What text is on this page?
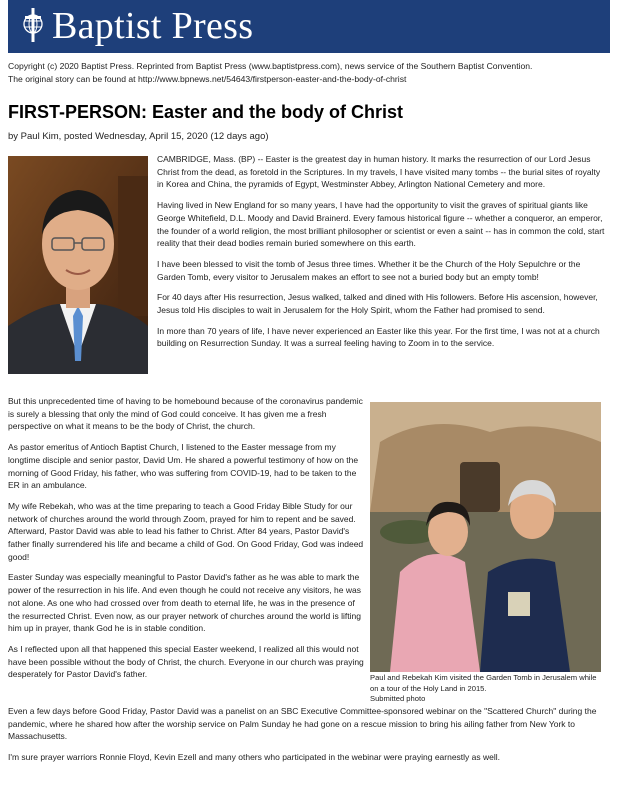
Baptist Press
Copyright (c) 2020 Baptist Press. Reprinted from Baptist Press (www.baptistpress.com), news service of the Southern Baptist Convention.
The original story can be found at http://www.bpnews.net/54643/firstperson-easter-and-the-body-of-christ
FIRST-PERSON: Easter and the body of Christ
by Paul Kim, posted Wednesday, April 15, 2020 (12 days ago)

CAMBRIDGE, Mass. (BP) -- Easter is the greatest day in human history. It marks the resurrection of our Lord Jesus Christ from the dead, as foretold in the Scriptures. In my travels, I have visited many tombs -- the burial sites of royalty in Korea and China, the pyramids of Egypt, Westminster Abbey, Arlington National Cemetery and more.

Having lived in New England for so many years, I have had the opportunity to visit the graves of spiritual giants like George Whitefield, D.L. Moody and David Brainerd. Every famous historical figure -- whether a conqueror, an emperor, the founder of a world religion, the most brilliant philosopher or scientist or even a saint -- has in common the cold, start reality that their dead bodies remain buried somewhere on this earth.

I have been blessed to visit the tomb of Jesus three times. Whether it be the Church of the Holy Sepulchre or the Garden Tomb, every visitor to Jerusalem makes an effort to see not a buried body but an empty tomb!

For 40 days after His resurrection, Jesus walked, talked and dined with His followers. Before His ascension, however, Jesus told His disciples to wait in Jerusalem for the Holy Spirit, whom the Father had promised to send.

In more than 70 years of life, I have never experienced an Easter like this year. For the first time, I was not at a church building on Resurrection Sunday. It was a surreal feeling having to Zoom in to the service.

But this unprecedented time of having to be homebound because of the coronavirus pandemic is surely a blessing that only the mind of God could conceive. It has given me a fresh perspective on what it means to be the body of Christ, the church.

As pastor emeritus of Antioch Baptist Church, I listened to the Easter message from my longtime disciple and senior pastor, David Um. He shared a powerful testimony of how on the morning of Good Friday, his father, who was suffering from COVID-19, had to be taken to the ER in an ambulance.

My wife Rebekah, who was at the time preparing to teach a Good Friday Bible Study for our network of churches around the world through Zoom, prayed for him to repent and be saved. Afterward, Pastor David was able to lead his father to Christ. After 84 years, Pastor David's father finally surrendered his life and became a child of God. On Good Friday, God was indeed good!

Easter Sunday was especially meaningful to Pastor David's father as he was able to mark the power of the resurrection in his life. And even though he could not receive any visitors, he was not alone. As one who had crossed over from death to eternal life, he was in the presence of the resurrected Christ. Even now, as our prayer network of churches around the world is lifting him up in prayer, thank God he is in stable condition.

As I reflected upon all that happened this special Easter weekend, I realized all this would not have been possible without the body of Christ, the church. Everyone in our church was praying desperately for Pastor David's father.	Paul and Rebekah Kim visited the Garden Tomb in Jerusalem while on a tour of the Holy Land in 2015.
Submitted photo

Even a few days before Good Friday, Pastor David was a panelist on an SBC Executive Committee-sponsored webinar on the "Scattered Church" during the pandemic, where he shared how after the worship service on Palm Sunday he had gone on a rescue mission to bring his ailing father from New York to Massachusetts.

I'm sure prayer warriors Ronnie Floyd, Kevin Ezell and many others who participated in the webinar were praying earnestly as well.
